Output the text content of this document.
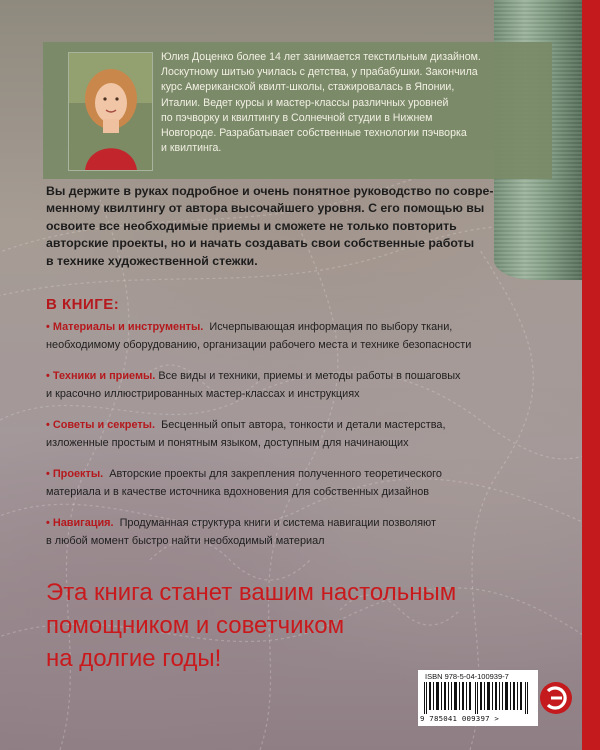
Юлия Доценко более 14 лет занимается текстильным дизайном.
Лоскутному шитью училась с детства, у прабабушки. Закончила
курс Американской квилт-школы, стажировалась в Японии,
Италии. Ведет курсы и мастер-классы различных уровней
по пэчворку и квилтингу в Солнечной студии в Нижнем
Новгороде. Разрабатывает собственные технологии пэчворка
и квилтинга.
Вы держите в руках подробное и очень понятное руководство по совре-
менному квилтингу от автора высочайшего уровня. С его помощью вы
освоите все необходимые приемы и сможете не только повторить
авторские проекты, но и начать создавать свои собственные работы
в технике художественной стежки.
В КНИГЕ:
• Материалы и инструменты. Исчерпывающая информация по выбору ткани,
необходимому оборудованию, организации рабочего места и технике безопасности
• Техники и приемы. Все виды и техники, приемы и методы работы в пошаговых
и красочно иллюстрированных мастер-классах и инструкциях
• Советы и секреты. Бесценный опыт автора, тонкости и детали мастерства,
изложенные простым и понятным языком, доступным для начинающих
• Проекты. Авторские проекты для закрепления полученного теоретического
материала и в качестве источника вдохновения для собственных дизайнов
• Навигация. Продуманная структура книги и система навигации позволяют
в любой момент быстро найти необходимый материал
Эта книга станет вашим настольным
помощником и советчиком
на долгие годы!
ISBN 978-5-04-100939-7
9 785041 009397 >
